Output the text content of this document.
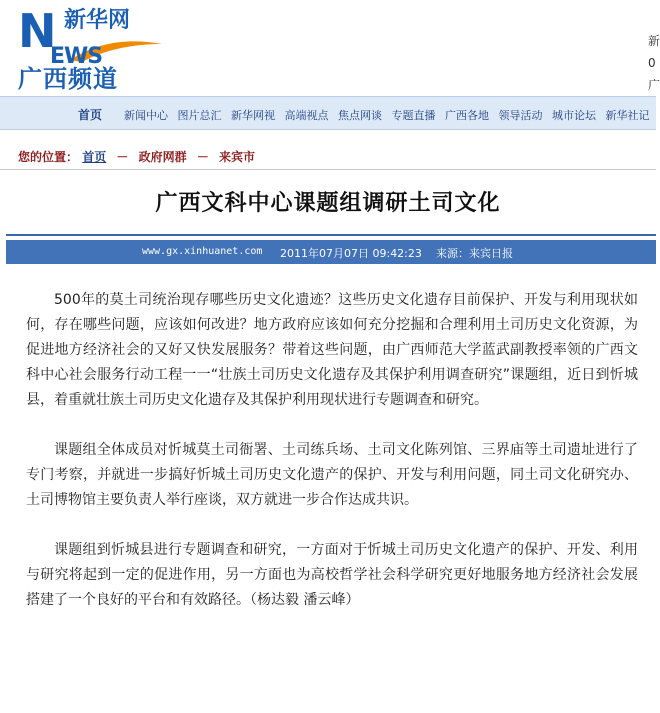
N 新华网
EWS
广西频道
新
0
广
首页 新闻中心 图片总汇 新华网视 高端视点 焦点网谈 专题直播 广西各地 领导活动 城市论坛 新华社记
您的位置： 首页 － 政府网群 － 来宾市
广西文科中心课题组调研土司文化
www.gx.xinhuanet.com 2011年07月07日 09:42:23 来源：来宾日报

500年的莫土司统治现存哪些历史文化遗迹？这些历史文化遗存目前保护、开发与利用现状如何，存在哪些问题，应该如何改进？地方政府应该如何充分挖掘和合理利用土司历史文化资源，为促进地方经济社会的又好又快发展服务？带着这些问题，由广西师范大学蓝武副教授率领的广西文科中心社会服务行动工程一一“壮族土司历史文化遗存及其保护利用调查研究”课题组，近日到忻城县，着重就壮族土司历史文化遗存及其保护利用现状进行专题调查和研究。

课题组全体成员对忻城莫土司衙署、土司练兵场、土司文化陈列馆、三界庙等土司遗址进行了专门考察，并就进一步搞好忻城土司历史文化遗产的保护、开发与利用问题，同土司文化研究办、土司博物馆主要负责人举行座谈，双方就进一步合作达成共识。

课题组到忻城县进行专题调查和研究，一方面对于忻城土司历史文化遗产的保护、开发、利用与研究将起到一定的促进作用，另一方面也为高校哲学社会科学研究更好地服务地方经济社会发展搭建了一个良好的平台和有效路径。（杨达毅 潘云峰）
